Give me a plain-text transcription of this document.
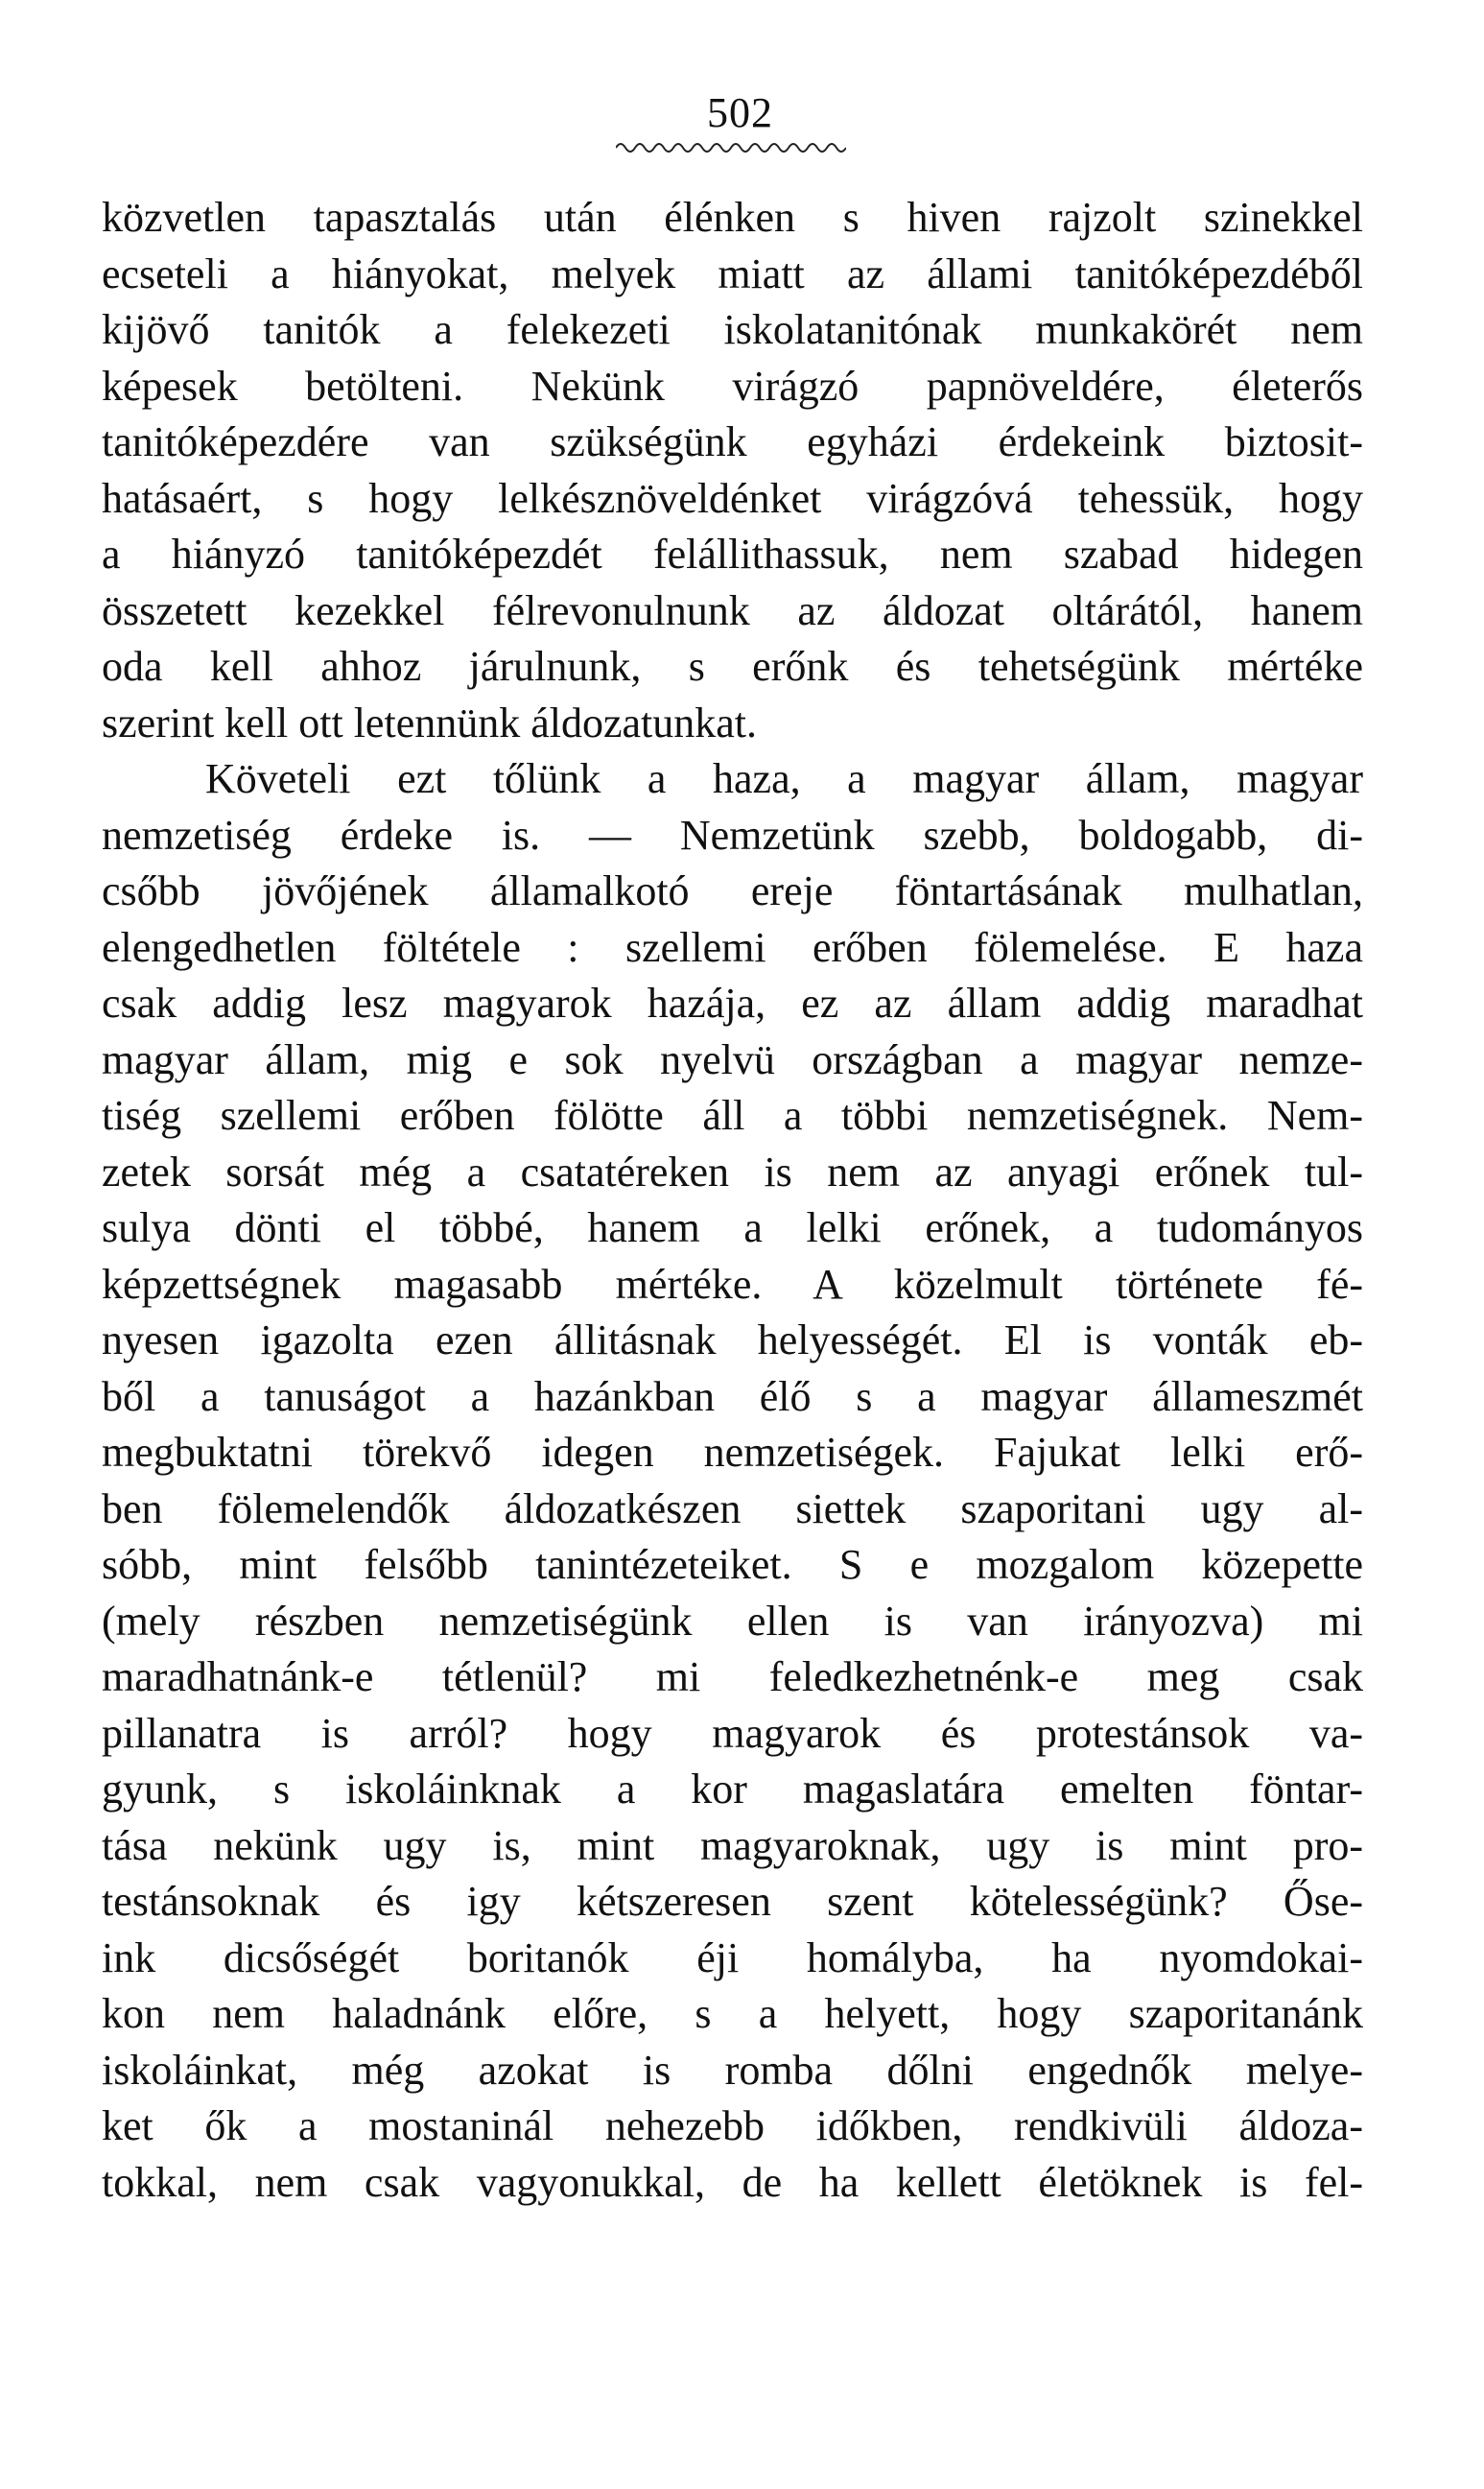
502
közvetlen tapasztalás után élénken s hiven rajzolt szinekkel
ecseteli a hiányokat, melyek miatt az állami tanitóképezdéből
kijövő tanitók a felekezeti iskolatanitónak munkakörét nem
képesek betölteni. Nekünk virágzó papnöveldére, életerős
tanitóképezdére van szükségünk egyházi érdekeink biztosit-
hatásaért, s hogy lelkésznöveldénket virágzóvá tehessük, hogy
a hiányzó tanitóképezdét felállithassuk, nem szabad hidegen
összetett kezekkel félrevonulnunk az áldozat oltárától, hanem
oda kell ahhoz járulnunk, s erőnk és tehetségünk mértéke
szerint kell ott letennünk áldozatunkat.
Követeli ezt tőlünk a haza, a magyar állam, magyar
nemzetiség érdeke is. — Nemzetünk szebb, boldogabb, di-
csőbb jövőjének államalkotó ereje föntartásának mulhatlan,
elengedhetlen föltétele : szellemi erőben fölemelése. E haza
csak addig lesz magyarok hazája, ez az állam addig maradhat
magyar állam, mig e sok nyelvü országban a magyar nemze-
tiség szellemi erőben fölötte áll a többi nemzetiségnek. Nem-
zetek sorsát még a csatatéreken is nem az anyagi erőnek tul-
sulya dönti el többé, hanem a lelki erőnek, a tudományos
képzettségnek magasabb mértéke. A közelmult története fé-
nyesen igazolta ezen állitásnak helyességét. El is vonták eb-
ből a tanuságot a hazánkban élő s a magyar állameszmét
megbuktatni törekvő idegen nemzetiségek. Fajukat lelki erő-
ben fölemelendők áldozatkészen siettek szaporitani ugy al-
sóbb, mint felsőbb tanintézeteiket. S e mozgalom közepette
(mely részben nemzetiségünk ellen is van irányozva) mi
maradhatnánk-e tétlenül? mi feledkezhetnénk-e meg csak
pillanatra is arról? hogy magyarok és protestánsok va-
gyunk, s iskoláinknak a kor magaslatára emelten föntar-
tása nekünk ugy is, mint magyaroknak, ugy is mint pro-
testánsoknak és igy kétszeresen szent kötelességünk? Őse-
ink dicsőségét boritanók éji homályba, ha nyomdokai-
kon nem haladnánk előre, s a helyett, hogy szaporitanánk
iskoláinkat, még azokat is romba dőlni engednők melye-
ket ők a mostaninál nehezebb időkben, rendkivüli áldoza-
tokkal, nem csak vagyonukkal, de ha kellett életöknek is fel-
